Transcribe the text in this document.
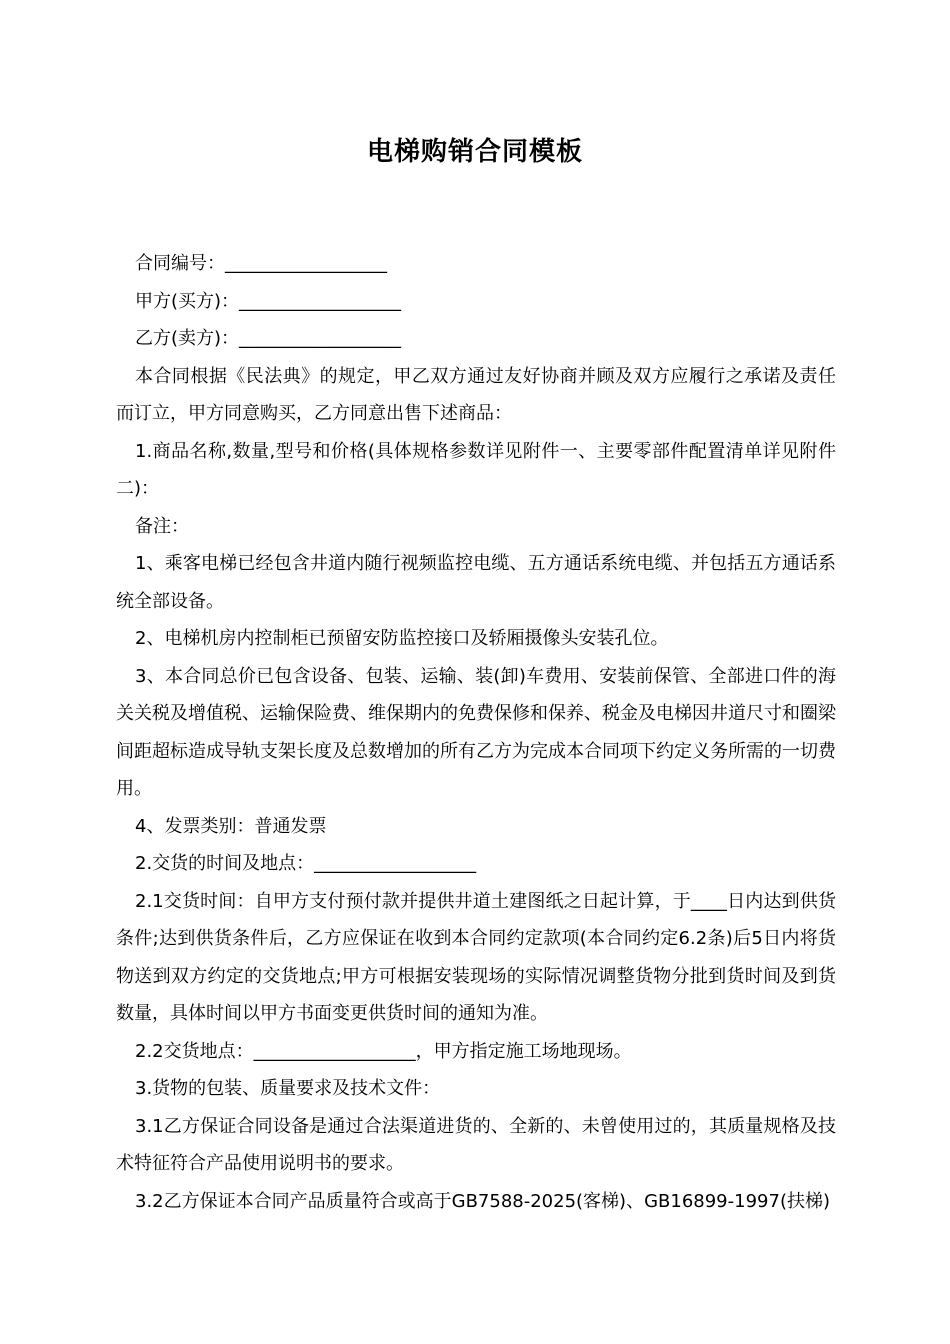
电梯购销合同模板

合同编号：__________________

甲方(买方)：__________________

乙方(卖方)：__________________

本合同根据《民法典》的规定，甲乙双方通过友好协商并顾及双方应履行之承诺及责任而订立，甲方同意购买，乙方同意出售下述商品：

1.商品名称,数量,型号和价格(具体规格参数详见附件一、主要零部件配置清单详见附件二)：

备注：

1、乘客电梯已经包含井道内随行视频监控电缆、五方通话系统电缆、并包括五方通话系统全部设备。

2、电梯机房内控制柜已预留安防监控接口及轿厢摄像头安装孔位。

3、本合同总价已包含设备、包装、运输、装(卸)车费用、安装前保管、全部进口件的海关关税及增值税、运输保险费、维保期内的免费保修和保养、税金及电梯因井道尺寸和圈梁间距超标造成导轨支架长度及总数增加的所有乙方为完成本合同项下约定义务所需的一切费用。

4、发票类别：普通发票

2.交货的时间及地点：__________________

2.1交货时间：自甲方支付预付款并提供井道土建图纸之日起计算，于____日内达到供货条件;达到供货条件后，乙方应保证在收到本合同约定款项(本合同约定6.2条)后5日内将货物送到双方约定的交货地点;甲方可根据安装现场的实际情况调整货物分批到货时间及到货数量，具体时间以甲方书面变更供货时间的通知为准。

2.2交货地点：__________________，甲方指定施工场地现场。

3.货物的包装、质量要求及技术文件：

3.1乙方保证合同设备是通过合法渠道进货的、全新的、未曾使用过的，其质量规格及技术特征符合产品使用说明书的要求。

3.2乙方保证本合同产品质量符合或高于GB7588-2025(客梯)、GB16899-1997(扶梯)
